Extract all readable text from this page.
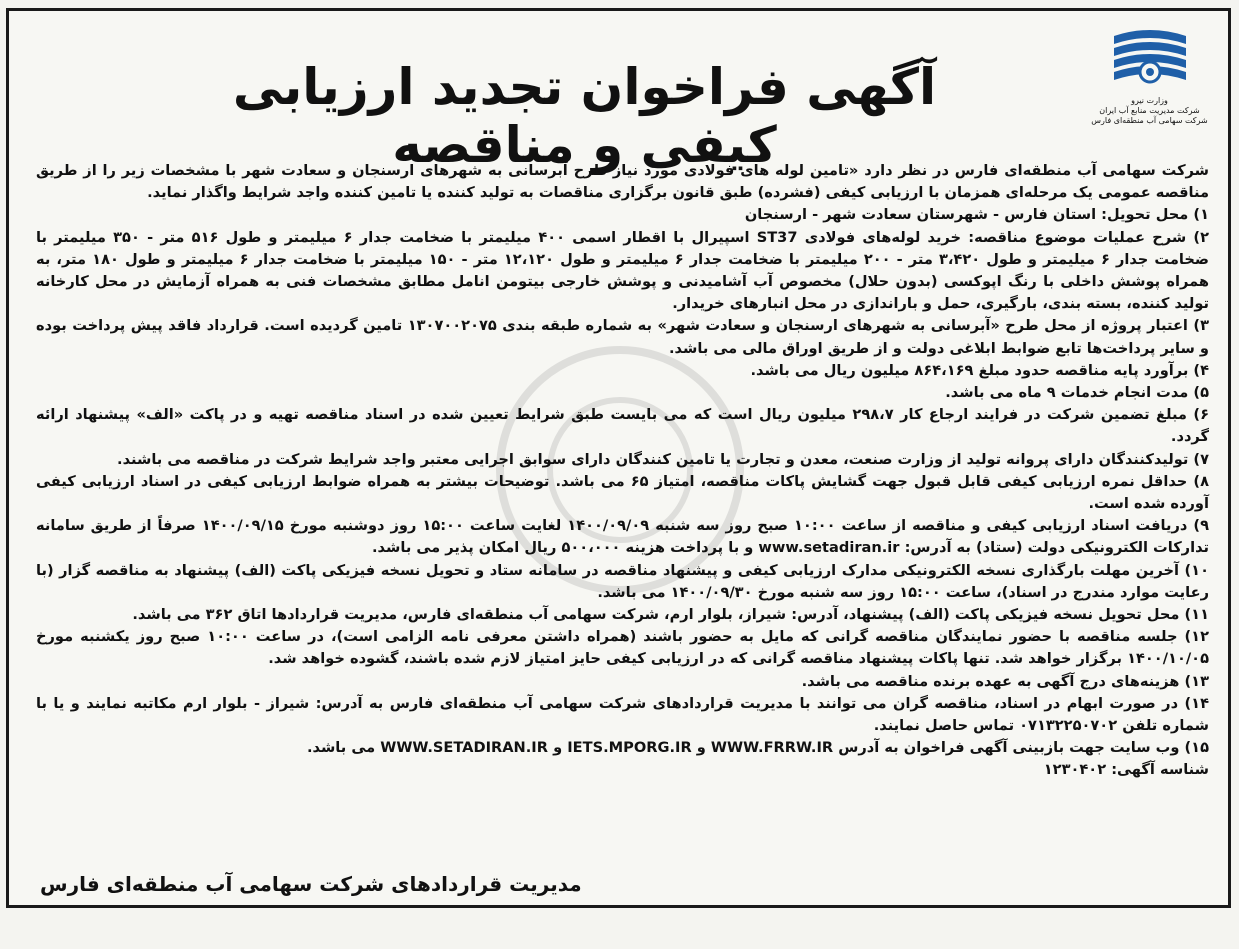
وزارت نیرو
شرکت مدیریت منابع آب ایران
شرکت سهامی آب منطقه‌ای فارس
آگهی فراخوان تجدید ارزیابی کیفی و مناقصه

شرکت سهامی آب منطقه‌ای فارس در نظر دارد «تامین لوله های فولادی مورد نیاز طرح آبرسانی به شهرهای ارسنجان و سعادت شهر با مشخصات زیر را از طریق مناقصه عمومی یک مرحله‌ای همزمان با ارزیابی کیفی (فشرده) طبق قانون برگزاری مناقصات به تولید کننده یا تامین کننده واجد شرایط واگذار نماید.

۱) محل تحویل: استان فارس - شهرستان سعادت شهر - ارسنجان

۲) شرح عملیات موضوع مناقصه: خرید لوله‌های فولادی ST37 اسپیرال با اقطار اسمی ۴۰۰ میلیمتر با ضخامت جدار ۶ میلیمتر و طول ۵۱۶ متر - ۳۵۰ میلیمتر با ضخامت جدار ۶ میلیمتر و طول ۳،۴۲۰ متر - ۲۰۰ میلیمتر با ضخامت جدار ۶ میلیمتر و طول ۱۲،۱۲۰ متر - ۱۵۰ میلیمتر با ضخامت جدار ۶ میلیمتر و طول ۱۸۰ متر، به همراه پوشش داخلی با رنگ اپوکسی (بدون حلال) مخصوص آب آشامیدنی و پوشش خارجی بیتومن انامل مطابق مشخصات فنی به همراه آزمایش در محل کارخانه تولید کننده، بسته بندی، بارگیری، حمل و باراندازی در محل انبارهای خریدار.

۳) اعتبار پروژه از محل طرح «آبرسانی به شهرهای ارسنجان و سعادت شهر» به شماره طبقه بندی ۱۳۰۷۰۰۲۰۷۵ تامین گردیده است. قرارداد فاقد پیش پرداخت بوده و سایر پرداخت‌ها تابع ضوابط ابلاغی دولت و از طریق اوراق مالی می باشد.

۴) برآورد پایه مناقصه حدود مبلغ ۸۶۴،۱۶۹ میلیون ریال می باشد.

۵) مدت انجام خدمات ۹ ماه می باشد.

۶) مبلغ تضمین شرکت در فرایند ارجاع کار ۲۹۸،۷ میلیون ریال است که می بایست طبق شرایط تعیین شده در اسناد مناقصه تهیه و در پاکت «الف» پیشنهاد ارائه گردد.

۷) تولیدکنندگان دارای پروانه تولید از وزارت صنعت، معدن و تجارت یا تامین کنندگان دارای سوابق اجرایی معتبر واجد شرایط شرکت در مناقصه می باشند.

۸) حداقل نمره ارزیابی کیفی قابل قبول جهت گشایش پاکات مناقصه، امتیاز ۶۵ می باشد. توضیحات بیشتر به همراه ضوابط ارزیابی کیفی در اسناد ارزیابی کیفی آورده شده است.

۹) دریافت اسناد ارزیابی کیفی و مناقصه از ساعت ۱۰:۰۰ صبح روز سه شنبه ۱۴۰۰/۰۹/۰۹ لغایت ساعت ۱۵:۰۰ روز دوشنبه مورخ ۱۴۰۰/۰۹/۱۵ صرفاً از طریق سامانه تدارکات الکترونیکی دولت (ستاد) به آدرس: www.setadiran.ir و با پرداخت هزینه ۵۰۰،۰۰۰ ریال امکان پذیر می باشد.

۱۰) آخرین مهلت بارگذاری نسخه الکترونیکی مدارک ارزیابی کیفی و پیشنهاد مناقصه در سامانه ستاد و تحویل نسخه فیزیکی پاکت (الف) پیشنهاد به مناقصه گزار (با رعایت موارد مندرج در اسناد)، ساعت ۱۵:۰۰ روز سه شنبه مورخ ۱۴۰۰/۰۹/۳۰ می باشد.

۱۱) محل تحویل نسخه فیزیکی پاکت (الف) پیشنهاد، آدرس: شیراز، بلوار ارم، شرکت سهامی آب منطقه‌ای فارس، مدیریت قراردادها اتاق ۳۶۲ می باشد.

۱۲) جلسه مناقصه با حضور نمایندگان مناقصه گرانی که مایل به حضور باشند (همراه داشتن معرفی نامه الزامی است)، در ساعت ۱۰:۰۰ صبح روز یکشنبه مورخ ۱۴۰۰/۱۰/۰۵ برگزار خواهد شد. تنها پاکات پیشنهاد مناقصه گرانی که در ارزیابی کیفی حایز امتیاز لازم شده باشند، گشوده خواهد شد.

۱۳) هزینه‌های درج آگهی به عهده برنده مناقصه می باشد.

۱۴) در صورت ابهام در اسناد، مناقصه گران می توانند با مدیریت قراردادهای شرکت سهامی آب منطقه‌ای فارس به آدرس: شیراز - بلوار ارم مکاتبه نمایند و یا با شماره تلفن ۰۷۱۳۲۲۵۰۷۰۲ تماس حاصل نمایند.

۱۵) وب سایت جهت بازبینی آگهی فراخوان به آدرس WWW.FRRW.IR و IETS.MPORG.IR و WWW.SETADIRAN.IR می باشد.

شناسه آگهی: ۱۲۳۰۴۰۲

مدیریت قراردادهای شرکت سهامی آب منطقه‌ای فارس
